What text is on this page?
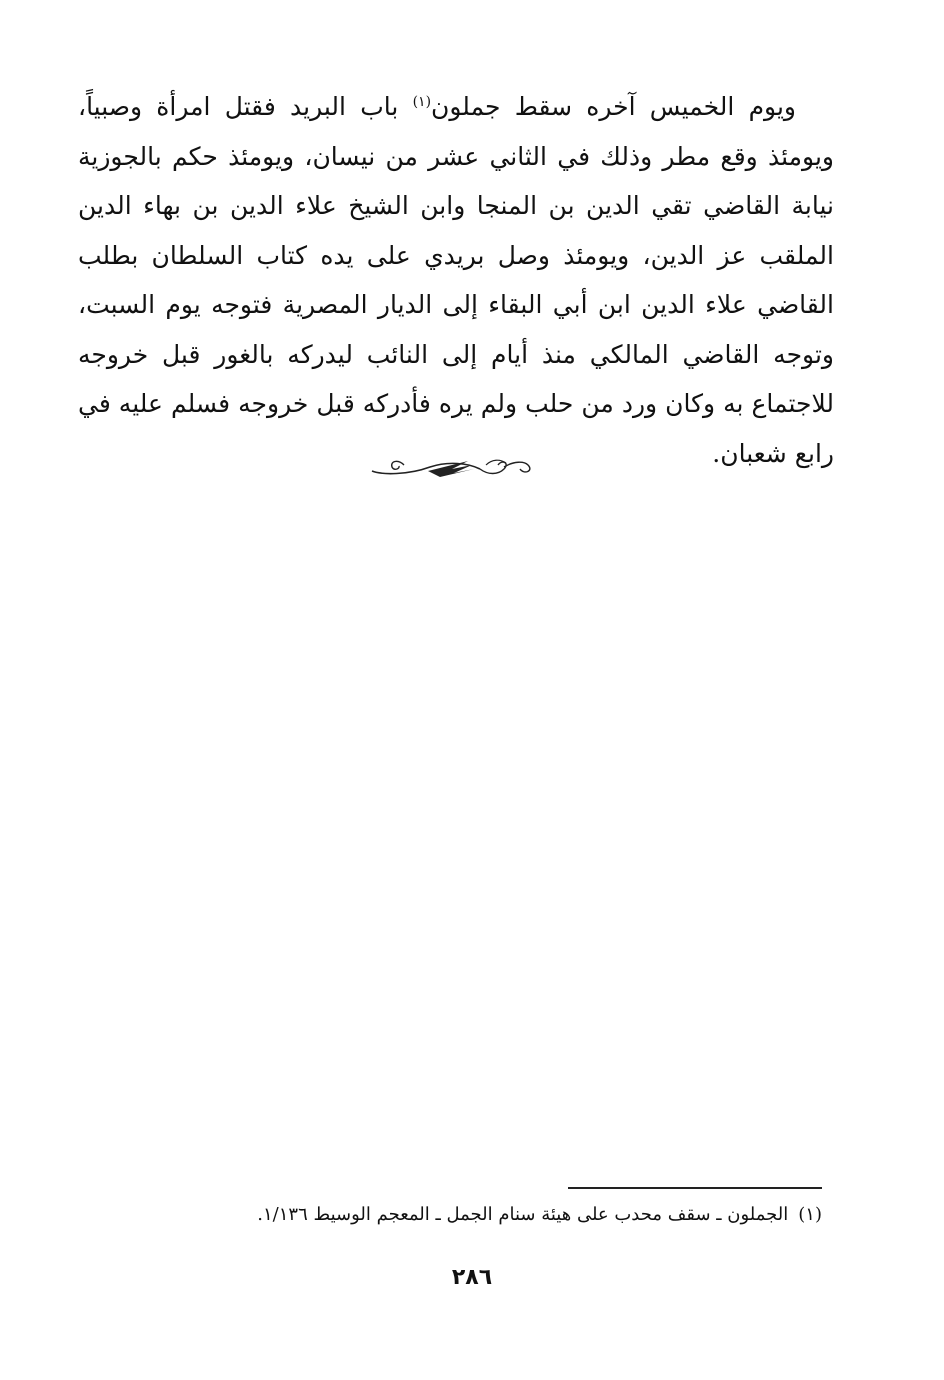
ويوم الخميس آخره سقط جملون$^{(١)}$ باب البريد فقتل امرأة وصبياً،
ويومئذ وقع مطر وذلك في الثاني عشر من نيسان، ويومئذ حكم بالجوزية
نيابة القاضي تقي الدين بن المنجا وابن الشيخ علاء الدين بن بهاء الدين
الملقب عز الدين، ويومئذ وصل بريدي على يده كتاب السلطان بطلب
القاضي علاء الدين ابن أبي البقاء إلى الديار المصرية فتوجه يوم السبت،
وتوجه القاضي المالكي منذ أيام إلى النائب ليدركه بالغور قبل خروجه
للاجتماع به وكان ورد من حلب ولم يره فأدركه قبل خروجه فسلم عليه في
رابع شعبان.
(١)الجملون ـ سقف محدب على هيئة سنام الجمل ـ المعجم الوسيط ١/١٣٦.
٢٨٦
